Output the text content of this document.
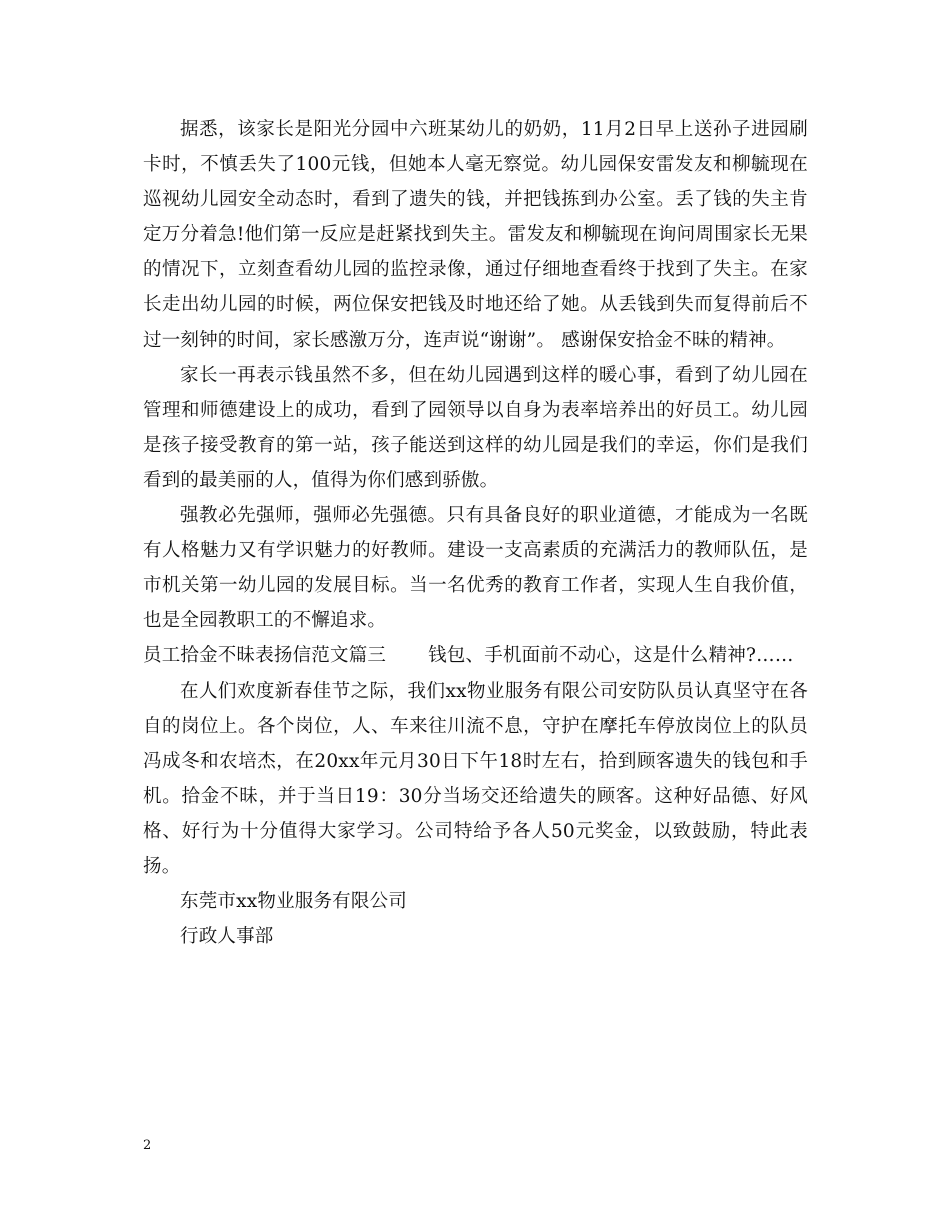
据悉，该家长是阳光分园中六班某幼儿的奶奶，11月2日早上送孙子进园刷卡时，不慎丢失了100元钱，但她本人毫无察觉。幼儿园保安雷发友和柳毓现在巡视幼儿园安全动态时，看到了遗失的钱，并把钱拣到办公室。丢了钱的失主肯定万分着急!他们第一反应是赶紧找到失主。雷发友和柳毓现在询问周围家长无果的情况下，立刻查看幼儿园的监控录像，通过仔细地查看终于找到了失主。在家长走出幼儿园的时候，两位保安把钱及时地还给了她。从丢钱到失而复得前后不过一刻钟的时间，家长感激万分，连声说“谢谢”。 感谢保安拾金不昧的精神。

家长一再表示钱虽然不多，但在幼儿园遇到这样的暖心事，看到了幼儿园在管理和师德建设上的成功，看到了园领导以自身为表率培养出的好员工。幼儿园是孩子接受教育的第一站，孩子能送到这样的幼儿园是我们的幸运，你们是我们看到的最美丽的人，值得为你们感到骄傲。

强教必先强师，强师必先强德。只有具备良好的职业道德，才能成为一名既有人格魅力又有学识魅力的好教师。建设一支高素质的充满活力的教师队伍，是市机关第一幼儿园的发展目标。当一名优秀的教育工作者，实现人生自我价值，也是全园教职工的不懈追求。

员工拾金不昧表扬信范文篇三 钱包、手机面前不动心，这是什么精神?……

在人们欢度新春佳节之际，我们xx物业服务有限公司安防队员认真坚守在各自的岗位上。各个岗位，人、车来往川流不息，守护在摩托车停放岗位上的队员冯成冬和农培杰，在20xx年元月30日下午18时左右，拾到顾客遗失的钱包和手机。拾金不昧，并于当日19：30分当场交还给遗失的顾客。这种好品德、好风格、好行为十分值得大家学习。公司特给予各人50元奖金，以致鼓励，特此表扬。

东莞市xx物业服务有限公司

行政人事部

2
